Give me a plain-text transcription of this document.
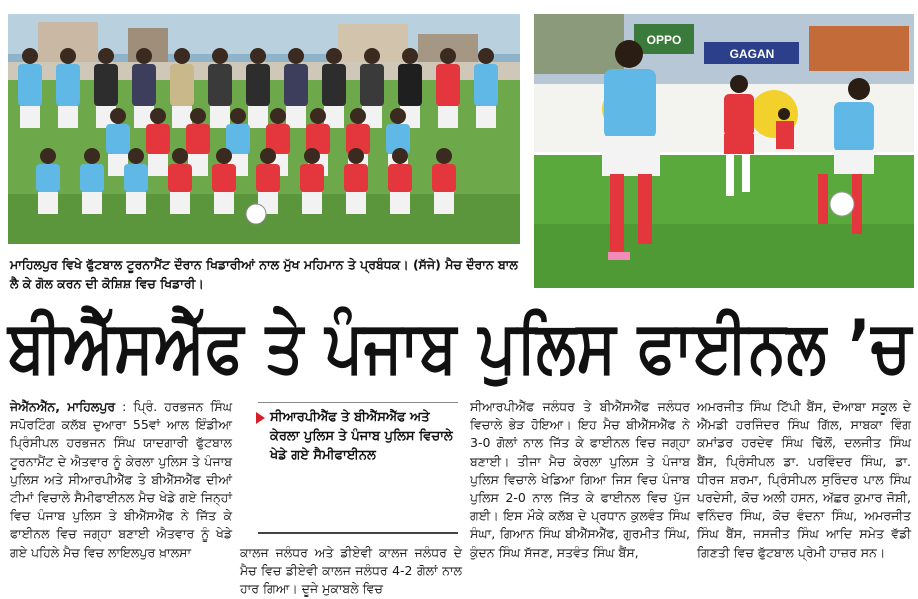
OPPO
GAGAN
ਮਾਹਿਲਪੁਰ ਵਿਖੇ ਫੁੱਟਬਾਲ ਟੂਰਨਾਮੈਂਟ ਦੌਰਾਨ ਖਿਡਾਰੀਆਂ ਨਾਲ ਮੁੱਖ ਮਹਿਮਾਨ ਤੇ ਪ੍ਰਬੰਧਕ। (ਸੱਜੇ) ਮੈਚ ਦੌਰਾਨ ਬਾਲ ਲੈ ਕੇ ਗੋਲ ਕਰਨ ਦੀ ਕੋਸ਼ਿਸ਼ ਵਿਚ ਖਿਡਾਰੀ।
ਬੀਐੱਸਐੱਫ ਤੇ ਪੰਜਾਬ ਪੁਲਿਸ ਫਾਈਨਲ ’ਚ
ਜੇਐੱਨਐੱਨ, ਮਾਹਿਲਪੁਰ : ਪ੍ਰਿੰ. ਹਰਭਜਨ ਸਿੰਘ ਸਪੋਰਟਿੰਗ ਕਲੱਬ ਦੁਆਰਾ 55ਵਾਂ ਆਲ ਇੰਡੀਆ ਪ੍ਰਿੰਸੀਪਲ ਹਰਭਜਨ ਸਿੰਘ ਯਾਦਗਾਰੀ ਫੁੱਟਬਾਲ ਟੂਰਨਾਮੈਂਟ ਦੇ ਐਤਵਾਰ ਨੂੰ ਕੇਰਲਾ ਪੁਲਿਸ ਤੇ ਪੰਜਾਬ ਪੁਲਿਸ ਅਤੇ ਸੀਆਰਪੀਐੱਫ ਤੇ ਬੀਐੱਸਐੱਫ ਦੀਆਂ ਟੀਮਾਂ ਵਿਚਾਲੇ ਸੈਮੀਫਾਈਨਲ ਮੈਚ ਖੇਡੇ ਗਏ ਜਿਨ੍ਹਾਂ ਵਿਚ ਪੰਜਾਬ ਪੁਲਿਸ ਤੇ ਬੀਐੱਸਐੱਫ ਨੇ ਜਿੱਤ ਕੇ ਫਾਈਨਲ ਵਿਚ ਜਗ੍ਹਾ ਬਣਾਈ ਐਤਵਾਰ ਨੂੰ ਖੇਡੇ ਗਏ ਪਹਿਲੇ ਮੈਚ ਵਿਚ ਲਾਇਲਪੁਰ ਖ਼ਾਲਸਾ
ਸੀਆਰਪੀਐੱਫ ਤੇ ਬੀਐੱਸਐੱਫ ਅਤੇ ਕੇਰਲਾ ਪੁਲਿਸ ਤੇ ਪੰਜਾਬ ਪੁਲਿਸ ਵਿਚਾਲੇ ਖੇਡੇ ਗਏ ਸੈਮੀਫਾਈਨਲ
ਕਾਲਜ ਜਲੰਧਰ ਅਤੇ ਡੀਏਵੀ ਕਾਲਜ ਜਲੰਧਰ ਦੇ ਮੈਚ ਵਿਚ ਡੀਏਵੀ ਕਾਲਜ ਜਲੰਧਰ 4-2 ਗੋਲਾਂ ਨਾਲ ਹਾਰ ਗਿਆ। ਦੂਜੇ ਮੁਕਾਬਲੇ ਵਿਚ
ਸੀਆਰਪੀਐੱਫ ਜਲੰਧਰ ਤੇ ਬੀਐੱਸਐੱਫ ਜਲੰਧਰ ਵਿਚਾਲੇ ਭੇੜ ਹੋਇਆ। ਇਹ ਮੈਚ ਬੀਐੱਸਐੱਫ ਨੇ 3-0 ਗੋਲਾਂ ਨਾਲ ਜਿੱਤ ਕੇ ਫਾਈਨਲ ਵਿਚ ਜਗ੍ਹਾ ਬਣਾਈ। ਤੀਜਾ ਮੈਚ ਕੇਰਲਾ ਪੁਲਿਸ ਤੇ ਪੰਜਾਬ ਪੁਲਿਸ ਵਿਚਾਲੇ ਖੇਡਿਆ ਗਿਆ ਜਿਸ ਵਿਚ ਪੰਜਾਬ ਪੁਲਿਸ 2-0 ਨਾਲ ਜਿੱਤ ਕੇ ਫਾਈਨਲ ਵਿਚ ਪੁੱਜ ਗਈ। ਇਸ ਮੌਕੇ ਕਲੱਬ ਦੇ ਪ੍ਰਧਾਨ ਕੁਲਵੰਤ ਸਿੰਘ ਸੰਘਾ, ਗਿਆਨ ਸਿੰਘ ਬੀਐੱਸਐੱਫ, ਗੁਰਮੀਤ ਸਿੰਘ, ਕੁੰਦਨ ਸਿੰਘ ਸੱਜਣ, ਸਤਵੰਤ ਸਿੰਘ ਬੈਂਸ,
ਅਮਰਜੀਤ ਸਿੰਘ ਟਿੱਪੀ ਬੈਂਸ, ਦੋਆਬਾ ਸਕੂਲ ਦੇ ਐੱਮਡੀ ਹਰਜਿੰਦਰ ਸਿੰਘ ਗਿੱਲ, ਸਾਬਕਾ ਵਿੰਗ ਕਮਾਂਡਰ ਹਰਦੇਵ ਸਿੰਘ ਢਿੱਲੋਂ, ਦਲਜੀਤ ਸਿੰਘ ਬੈਂਸ, ਪ੍ਰਿੰਸੀਪਲ ਡਾ. ਪਰਵਿੰਦਰ ਸਿੰਘ, ਡਾ. ਧੀਰਜ ਸ਼ਰਮਾ, ਪ੍ਰਿੰਸੀਪਲ ਸੁਰਿੰਦਰ ਪਾਲ ਸਿੰਘ ਪਰਦੇਸੀ, ਕੋਚ ਅਲੀ ਹਸਨ, ਅੱਛਰ ਕੁਮਾਰ ਜੋਸ਼ੀ, ਵਨਿੰਦਰ ਸਿੰਘ, ਕੋਚ ਵੰਦਨਾ ਸਿੰਘ, ਅਮਰਜੀਤ ਸਿੰਘ ਬੈਂਸ, ਜਸਜੀਤ ਸਿੰਘ ਆਦਿ ਸਮੇਤ ਵੱਡੀ ਗਿਣਤੀ ਵਿਚ ਫੁੱਟਬਾਲ ਪ੍ਰੇਮੀ ਹਾਜ਼ਰ ਸਨ।
